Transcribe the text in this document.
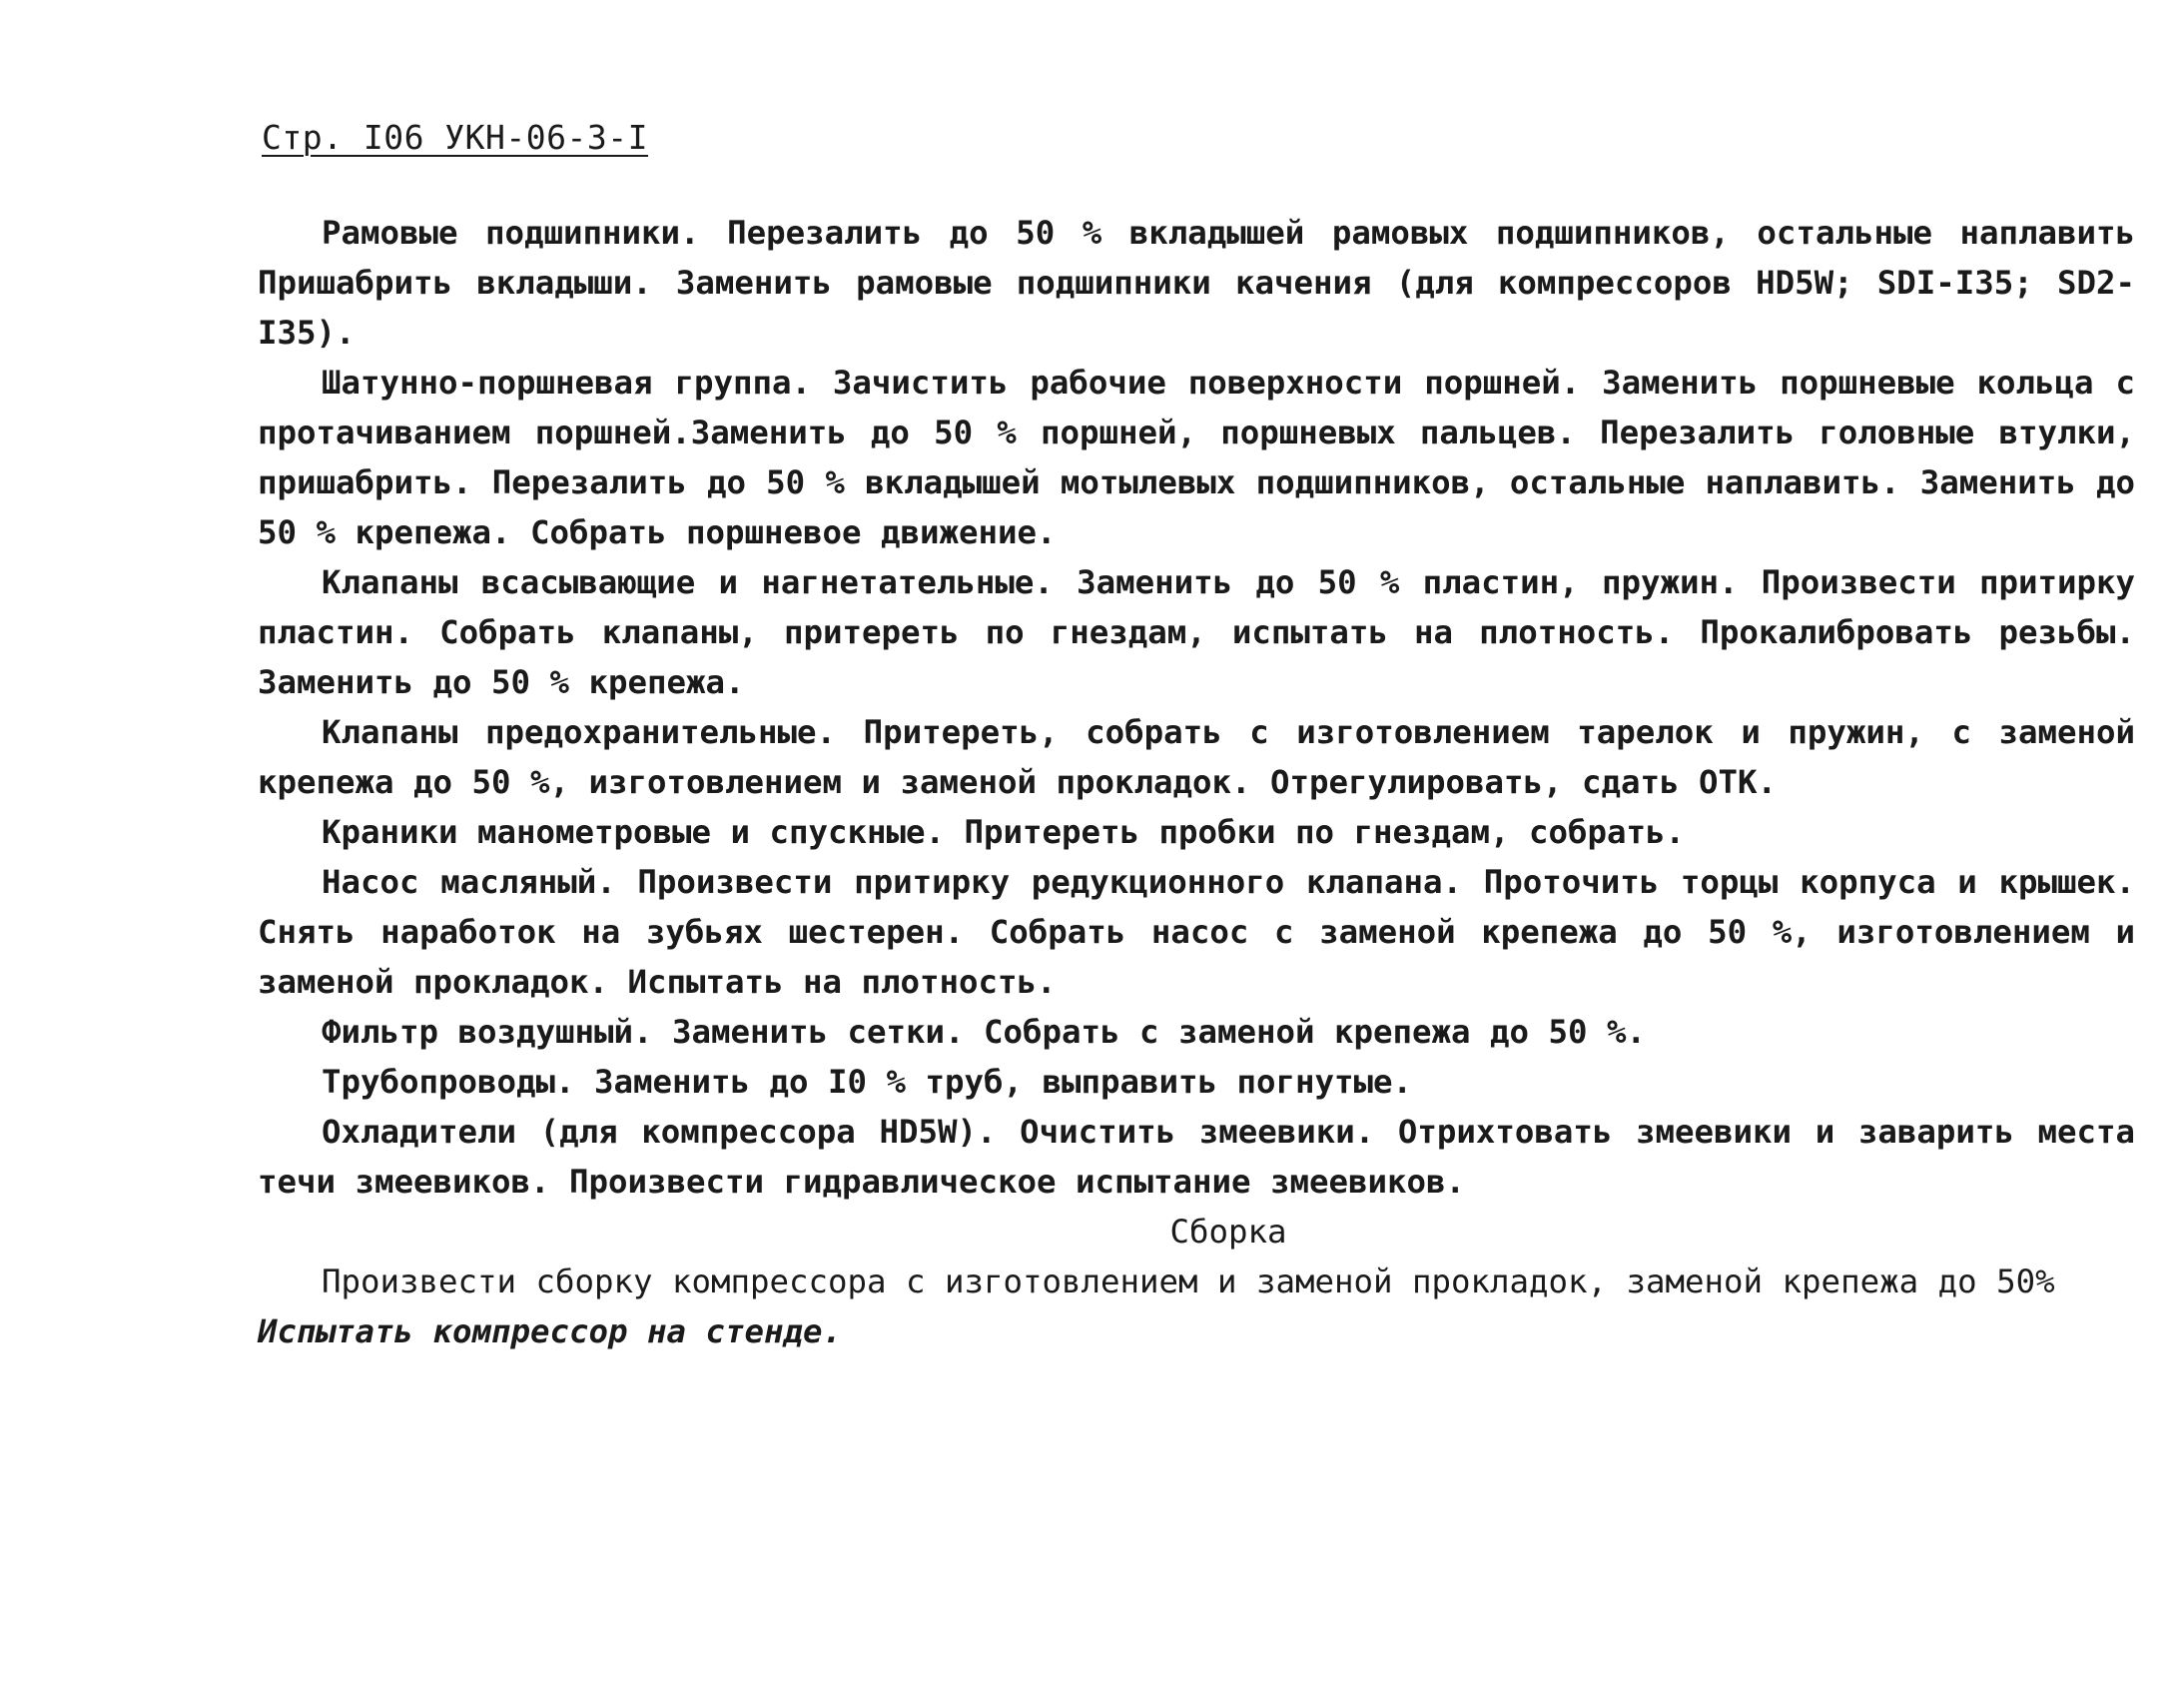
Стр. I06 УКН-06-3-I

Рамовые подшипники. Перезалить до 50 % вкладышей рамовых подшипников, остальные наплавить Пришабрить вкладыши. Заменить рамовые подшипники качения (для компрессоров НD5W; SDI-I35; SD2-I35).

Шатунно-поршневая группа. Зачистить рабочие поверхности поршней. Заменить поршневые кольца с протачиванием поршней.Заменить до 50 % поршней, поршневых пальцев. Перезалить головные втулки, пришабрить. Перезалить до 50 % вкладышей мотылевых подшипников, остальные наплавить. Заменить до 50 % крепежа. Собрать поршневое движение.

Клапаны всасывающие и нагнетательные. Заменить до 50 % пластин, пружин. Произвести притирку пластин. Собрать клапаны, притереть по гнездам, испытать на плотность. Прокалибровать резьбы. Заменить до 50 % крепежа.

Клапаны предохранительные. Притереть, собрать с изготовлением тарелок и пружин, с заменой крепежа до 50 %, изготовлением и заменой прокладок. Отрегулировать, сдать ОТК.

Краники манометровые и спускные. Притереть пробки по гнездам, собрать.

Насос масляный. Произвести притирку редукционного клапана. Проточить торцы корпуса и крышек. Снять наработок на зубьях шестерен. Собрать насос с заменой крепежа до 50 %, изготовлением и заменой прокладок. Испытать на плотность.

Фильтр воздушный. Заменить сетки. Собрать с заменой крепежа до 50 %.

Трубопроводы. Заменить до I0 % труб, выправить погнутые.

Охладители (для компрессора НD5W). Очистить змеевики. Отрихтовать змеевики и заварить места течи змеевиков. Произвести гидравлическое испытание змеевиков.

Сборка

Произвести сборку компрессора с изготовлением и заменой прокладок, заменой крепежа до 50%

Испытать компрессор на стенде.
